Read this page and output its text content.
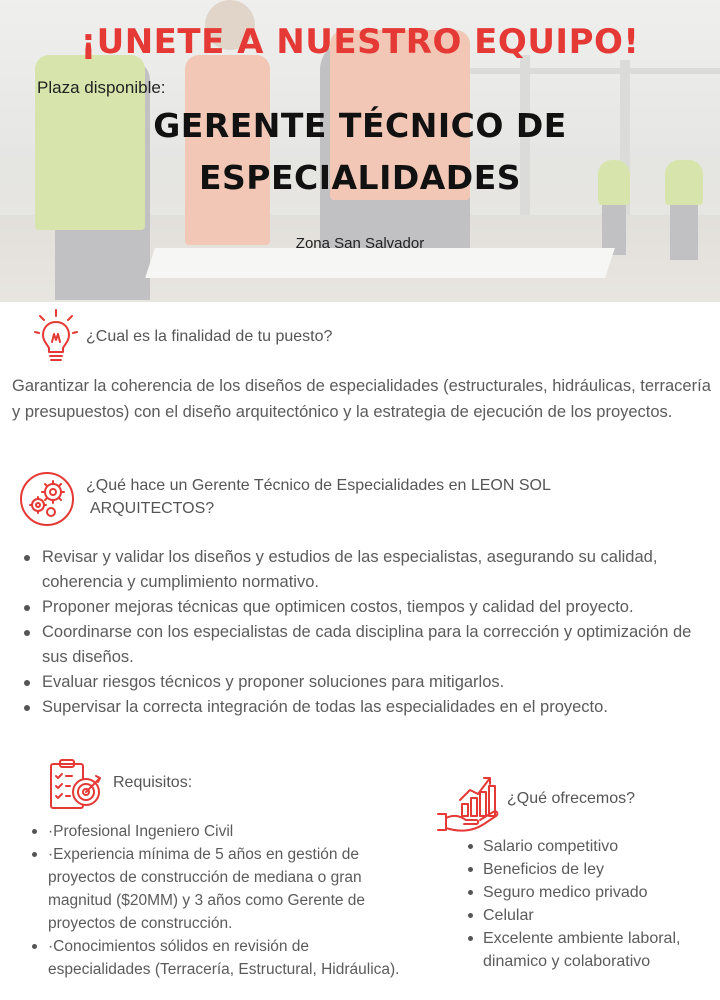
¡UNETE A NUESTRO EQUIPO!
Plaza disponible:
GERENTE TÉCNICO DE
ESPECIALIDADES
Zona San Salvador
¿Cual es la finalidad de tu puesto?
Garantizar la coherencia de los diseños de especialidades (estructurales, hidráulicas, terracería y presupuestos) con el diseño arquitectónico y la estrategia de ejecución de los proyectos.
¿Qué hace un Gerente Técnico de Especialidades en LEON SOL
ARQUITECTOS?
Revisar y validar los diseños y estudios de las especialistas, asegurando su calidad, coherencia y cumplimiento normativo.
Proponer mejoras técnicas que optimicen costos, tiempos y calidad del proyecto.
Coordinarse con los especialistas de cada disciplina para la corrección y optimización de sus diseños.
Evaluar riesgos técnicos y proponer soluciones para mitigarlos.
Supervisar la correcta integración de todas las especialidades en el proyecto.
Requisitos:
·Profesional Ingeniero Civil
·Experiencia mínima de 5 años en gestión de proyectos de construcción de mediana o gran magnitud ($20MM) y 3 años como Gerente de proyectos de construcción.
·Conocimientos sólidos en revisión de especialidades (Terracería, Estructural, Hidráulica).
¿Qué ofrecemos?
Salario competitivo
Beneficios de ley
Seguro medico privado
Celular
Excelente ambiente laboral, dinamico y colaborativo
